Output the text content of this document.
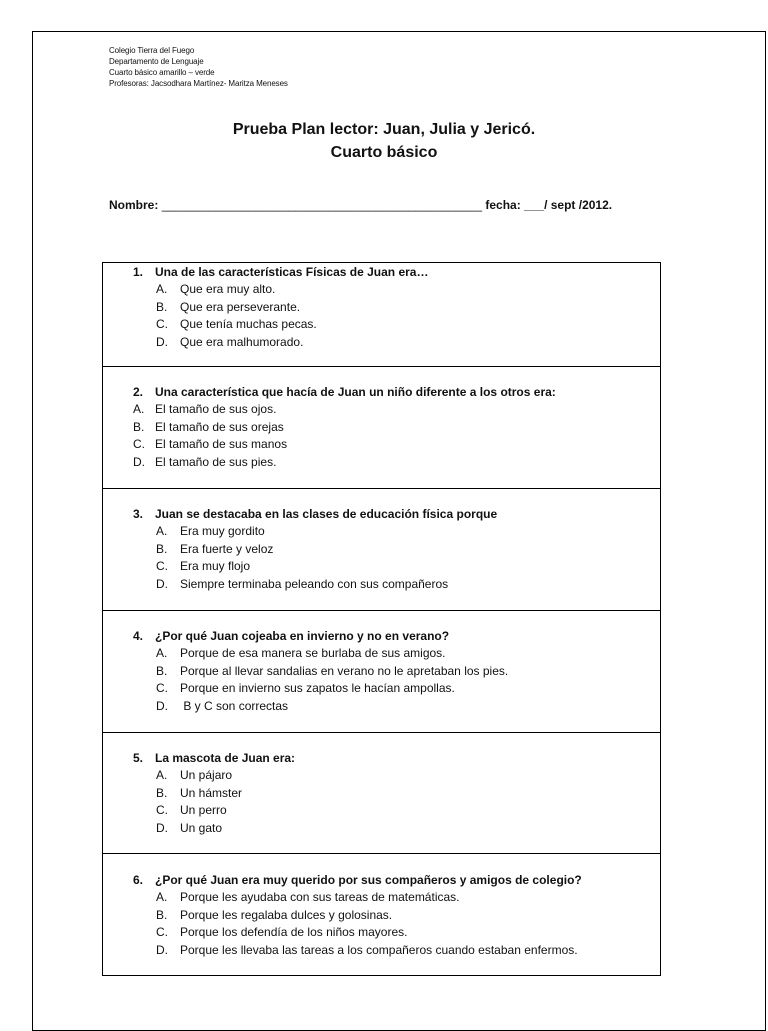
Colegio Tierra del Fuego
Departamento de Lenguaje
Cuarto básico amarillo – verde
Profesoras: Jacsodhara Martínez- Maritza Meneses
Prueba Plan lector: Juan, Julia y Jericó.
Cuarto básico
Nombre: ________________________________________________ fecha: ___/ sept /2012.
1. Una de las características Físicas de Juan era…
A. Que era muy alto.
B. Que era perseverante.
C. Que tenía muchas pecas.
D. Que era malhumorado.
2. Una característica que hacía de Juan un niño diferente a los otros era:
A. El tamaño de sus ojos.
B. El tamaño de sus orejas
C. El tamaño de sus manos
D. El tamaño de sus pies.
3. Juan se destacaba en las clases de educación física porque
A. Era muy gordito
B. Era fuerte y veloz
C. Era muy flojo
D. Siempre terminaba peleando con sus compañeros
4. ¿Por qué Juan cojeaba en invierno y no en verano?
A. Porque de esa manera se burlaba de sus amigos.
B. Porque al llevar sandalias en verano no le apretaban los pies.
C. Porque en invierno sus zapatos le hacían ampollas.
D. B y C son correctas
5. La mascota de Juan era:
A. Un pájaro
B. Un hámster
C. Un perro
D. Un gato
6. ¿Por qué Juan era muy querido por sus compañeros y amigos de colegio?
A. Porque les ayudaba con sus tareas de matemáticas.
B. Porque les regalaba dulces y golosinas.
C. Porque los defendía de los niños mayores.
D. Porque les llevaba las tareas a los compañeros cuando estaban enfermos.
